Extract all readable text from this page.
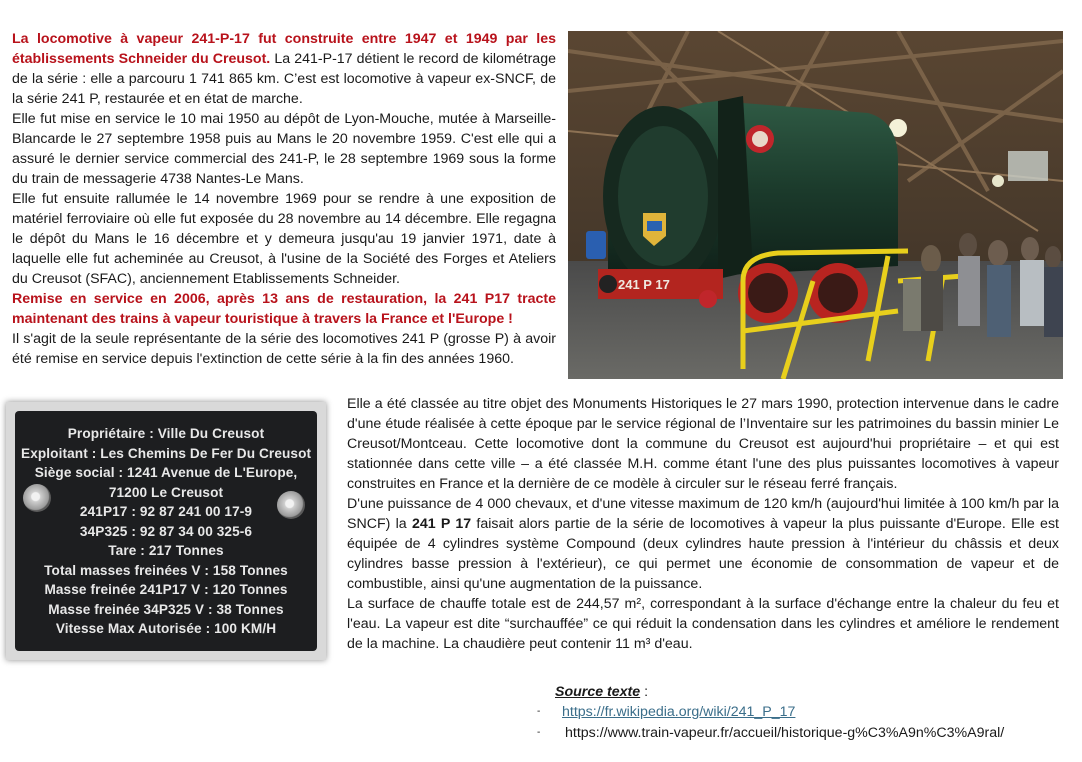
La locomotive à vapeur 241-P-17 fut construite entre 1947 et 1949 par les établissements Schneider du Creusot. La 241-P-17 détient le record de kilométrage de la série : elle a parcouru 1 741 865 km. C’est est locomotive à vapeur ex-SNCF, de la série 241 P, restaurée et en état de marche.

Elle fut mise en service le 10 mai 1950 au dépôt de Lyon-Mouche, mutée à Marseille-Blancarde le 27 septembre 1958 puis au Mans le 20 novembre 1959. C'est elle qui a assuré le dernier service commercial des 241-P, le 28 septembre 1969 sous la forme du train de messagerie 4738 Nantes-Le Mans.

Elle fut ensuite rallumée le 14 novembre 1969 pour se rendre à une exposition de matériel ferroviaire où elle fut exposée du 28 novembre au 14 décembre. Elle regagna le dépôt du Mans le 16 décembre et y demeura jusqu'au 19 janvier 1971, date à laquelle elle fut acheminée au Creusot, à l'usine de la Société des Forges et Ateliers du Creusot (SFAC), anciennement Etablissements Schneider.

Remise en service en 2006, après 13 ans de restauration, la 241 P17 tracte maintenant des trains à vapeur touristique à travers la France et l'Europe !

Il s'agit de la seule représentante de la série des locomotives 241 P (grosse P) à avoir été remise en service depuis l'extinction de cette série à la fin des années 1960.

241 P 17
Propriétaire : Ville Du Creusot
Exploitant : Les Chemins De Fer Du Creusot
Siège social : 1241 Avenue de L'Europe,
71200 Le Creusot
241P17 : 92 87 241 00 17-9
34P325 : 92 87 34 00 325-6
Tare : 217 Tonnes
Total masses freinées V : 158 Tonnes
Masse freinée 241P17 V : 120 Tonnes
Masse freinée 34P325 V : 38 Tonnes
Vitesse Max Autorisée : 100 KM/H

Elle a été classée au titre objet des Monuments Historiques le 27 mars 1990, protection intervenue dans le cadre d'une étude réalisée à cette époque par le service régional de l’Inventaire sur les patrimoines du bassin minier Le Creusot/Montceau. Cette locomotive dont la commune du Creusot est aujourd'hui propriétaire – et qui est stationnée dans cette ville – a été classée M.H. comme étant l'une des plus puissantes locomotives à vapeur construites en France et la dernière de ce modèle à circuler sur le réseau ferré français.

D'une puissance de 4 000 chevaux, et d'une vitesse maximum de 120 km/h (aujourd'hui limitée à 100 km/h par la SNCF) la 241 P 17 faisait alors partie de la série de locomotives à vapeur la plus puissante d'Europe. Elle est équipée de 4 cylindres système Compound (deux cylindres haute pression à l'intérieur du châssis et deux cylindres basse pression à l'extérieur), ce qui permet une économie de consommation de vapeur et de combustible, ainsi qu'une augmentation de la puissance.

La surface de chauffe totale est de 244,57 m², correspondant à la surface d'échange entre la chaleur du feu et l'eau. La vapeur est dite “surchauffée” ce qui réduit la condensation dans les cylindres et améliore le rendement de la machine. La chaudière peut contenir 11 m³ d'eau.

Source texte :
-	https://fr.wikipedia.org/wiki/241_P_17
-	https://www.train-vapeur.fr/accueil/historique-g%C3%A9n%C3%A9ral/
